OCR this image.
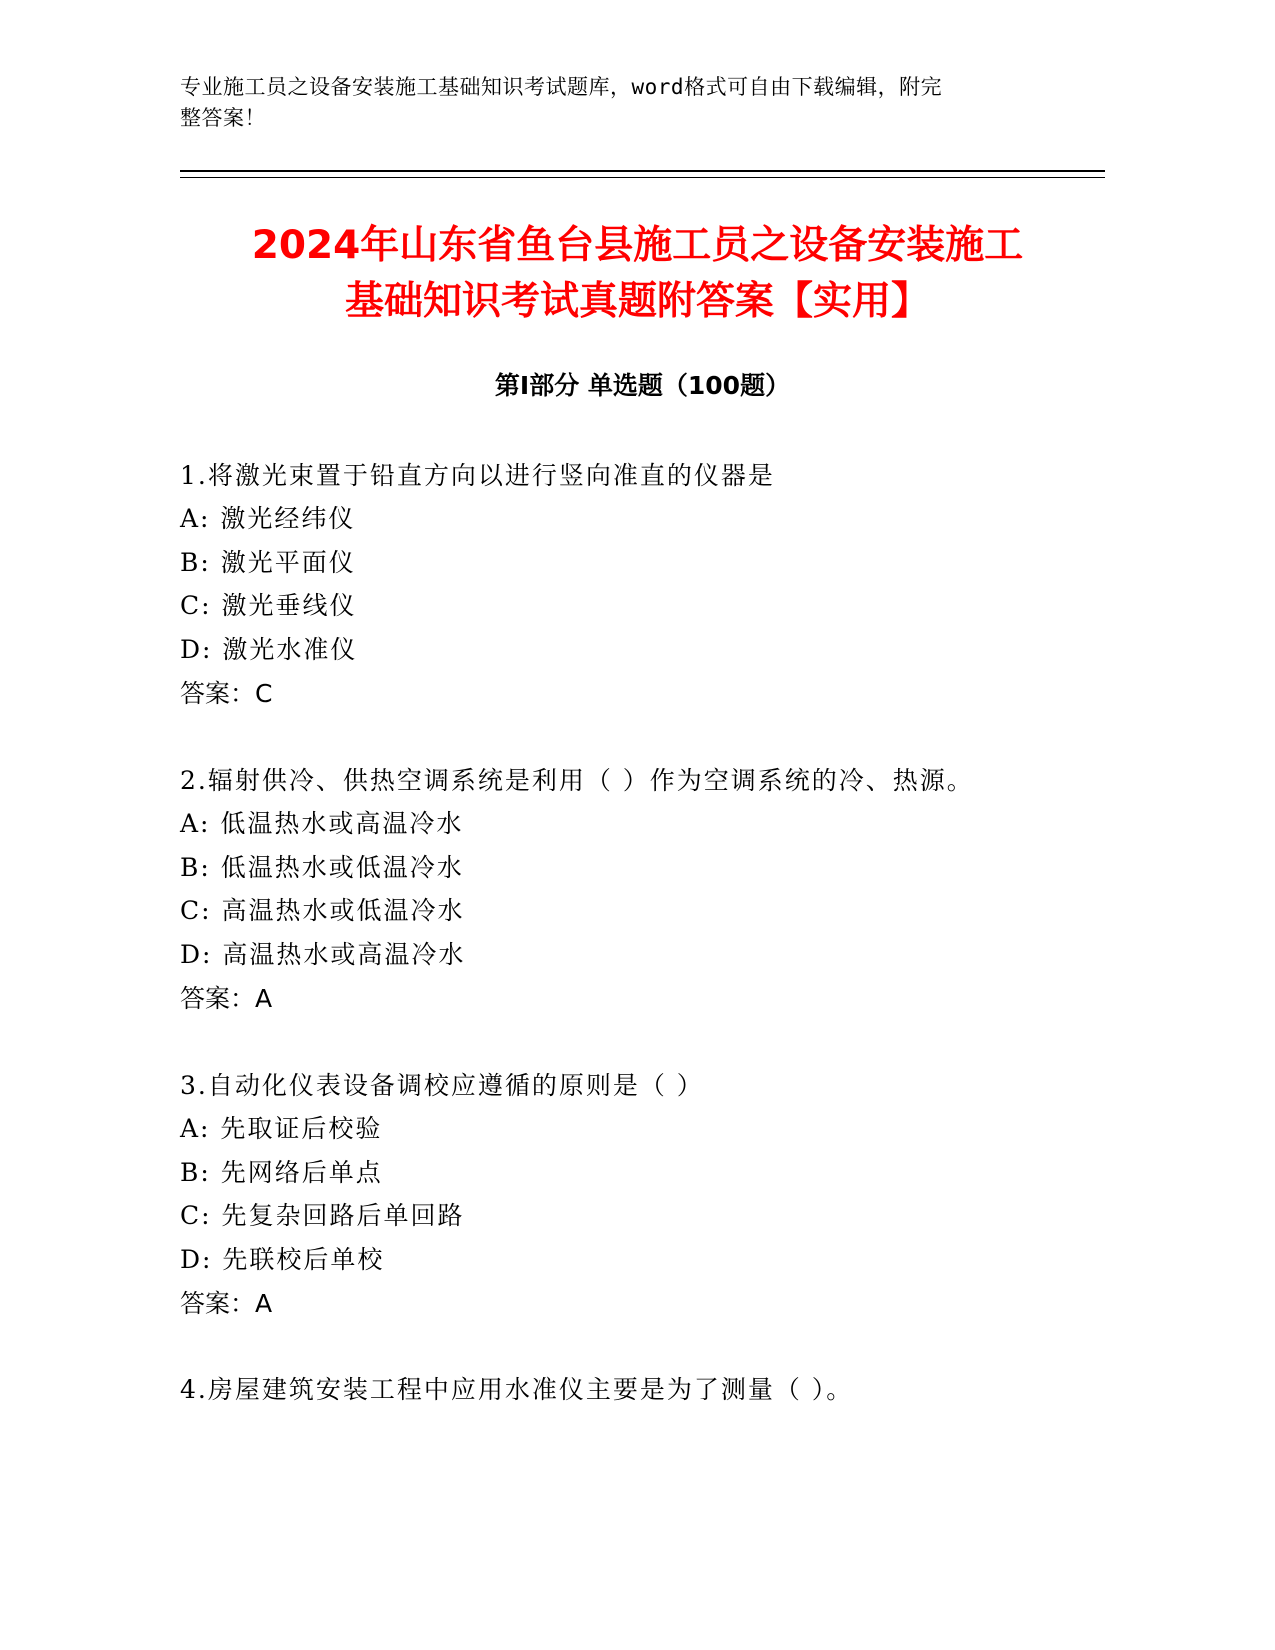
专业施工员之设备安装施工基础知识考试题库，word格式可自由下载编辑，附完
整答案！
2024年山东省鱼台县施工员之设备安装施工
基础知识考试真题附答案【实用】
第Ⅰ部分 单选题（100题）
1.将激光束置于铅直方向以进行竖向准直的仪器是
A: 激光经纬仪
B: 激光平面仪
C: 激光垂线仪
D: 激光水准仪
答案：C
2.辐射供冷、供热空调系统是利用（ ）作为空调系统的冷、热源。
A: 低温热水或高温冷水
B: 低温热水或低温冷水
C: 高温热水或低温冷水
D: 高温热水或高温冷水
答案：A
3.自动化仪表设备调校应遵循的原则是（ ）
A: 先取证后校验
B: 先网络后单点
C: 先复杂回路后单回路
D: 先联校后单校
答案：A
4.房屋建筑安装工程中应用水准仪主要是为了测量（ ）。
